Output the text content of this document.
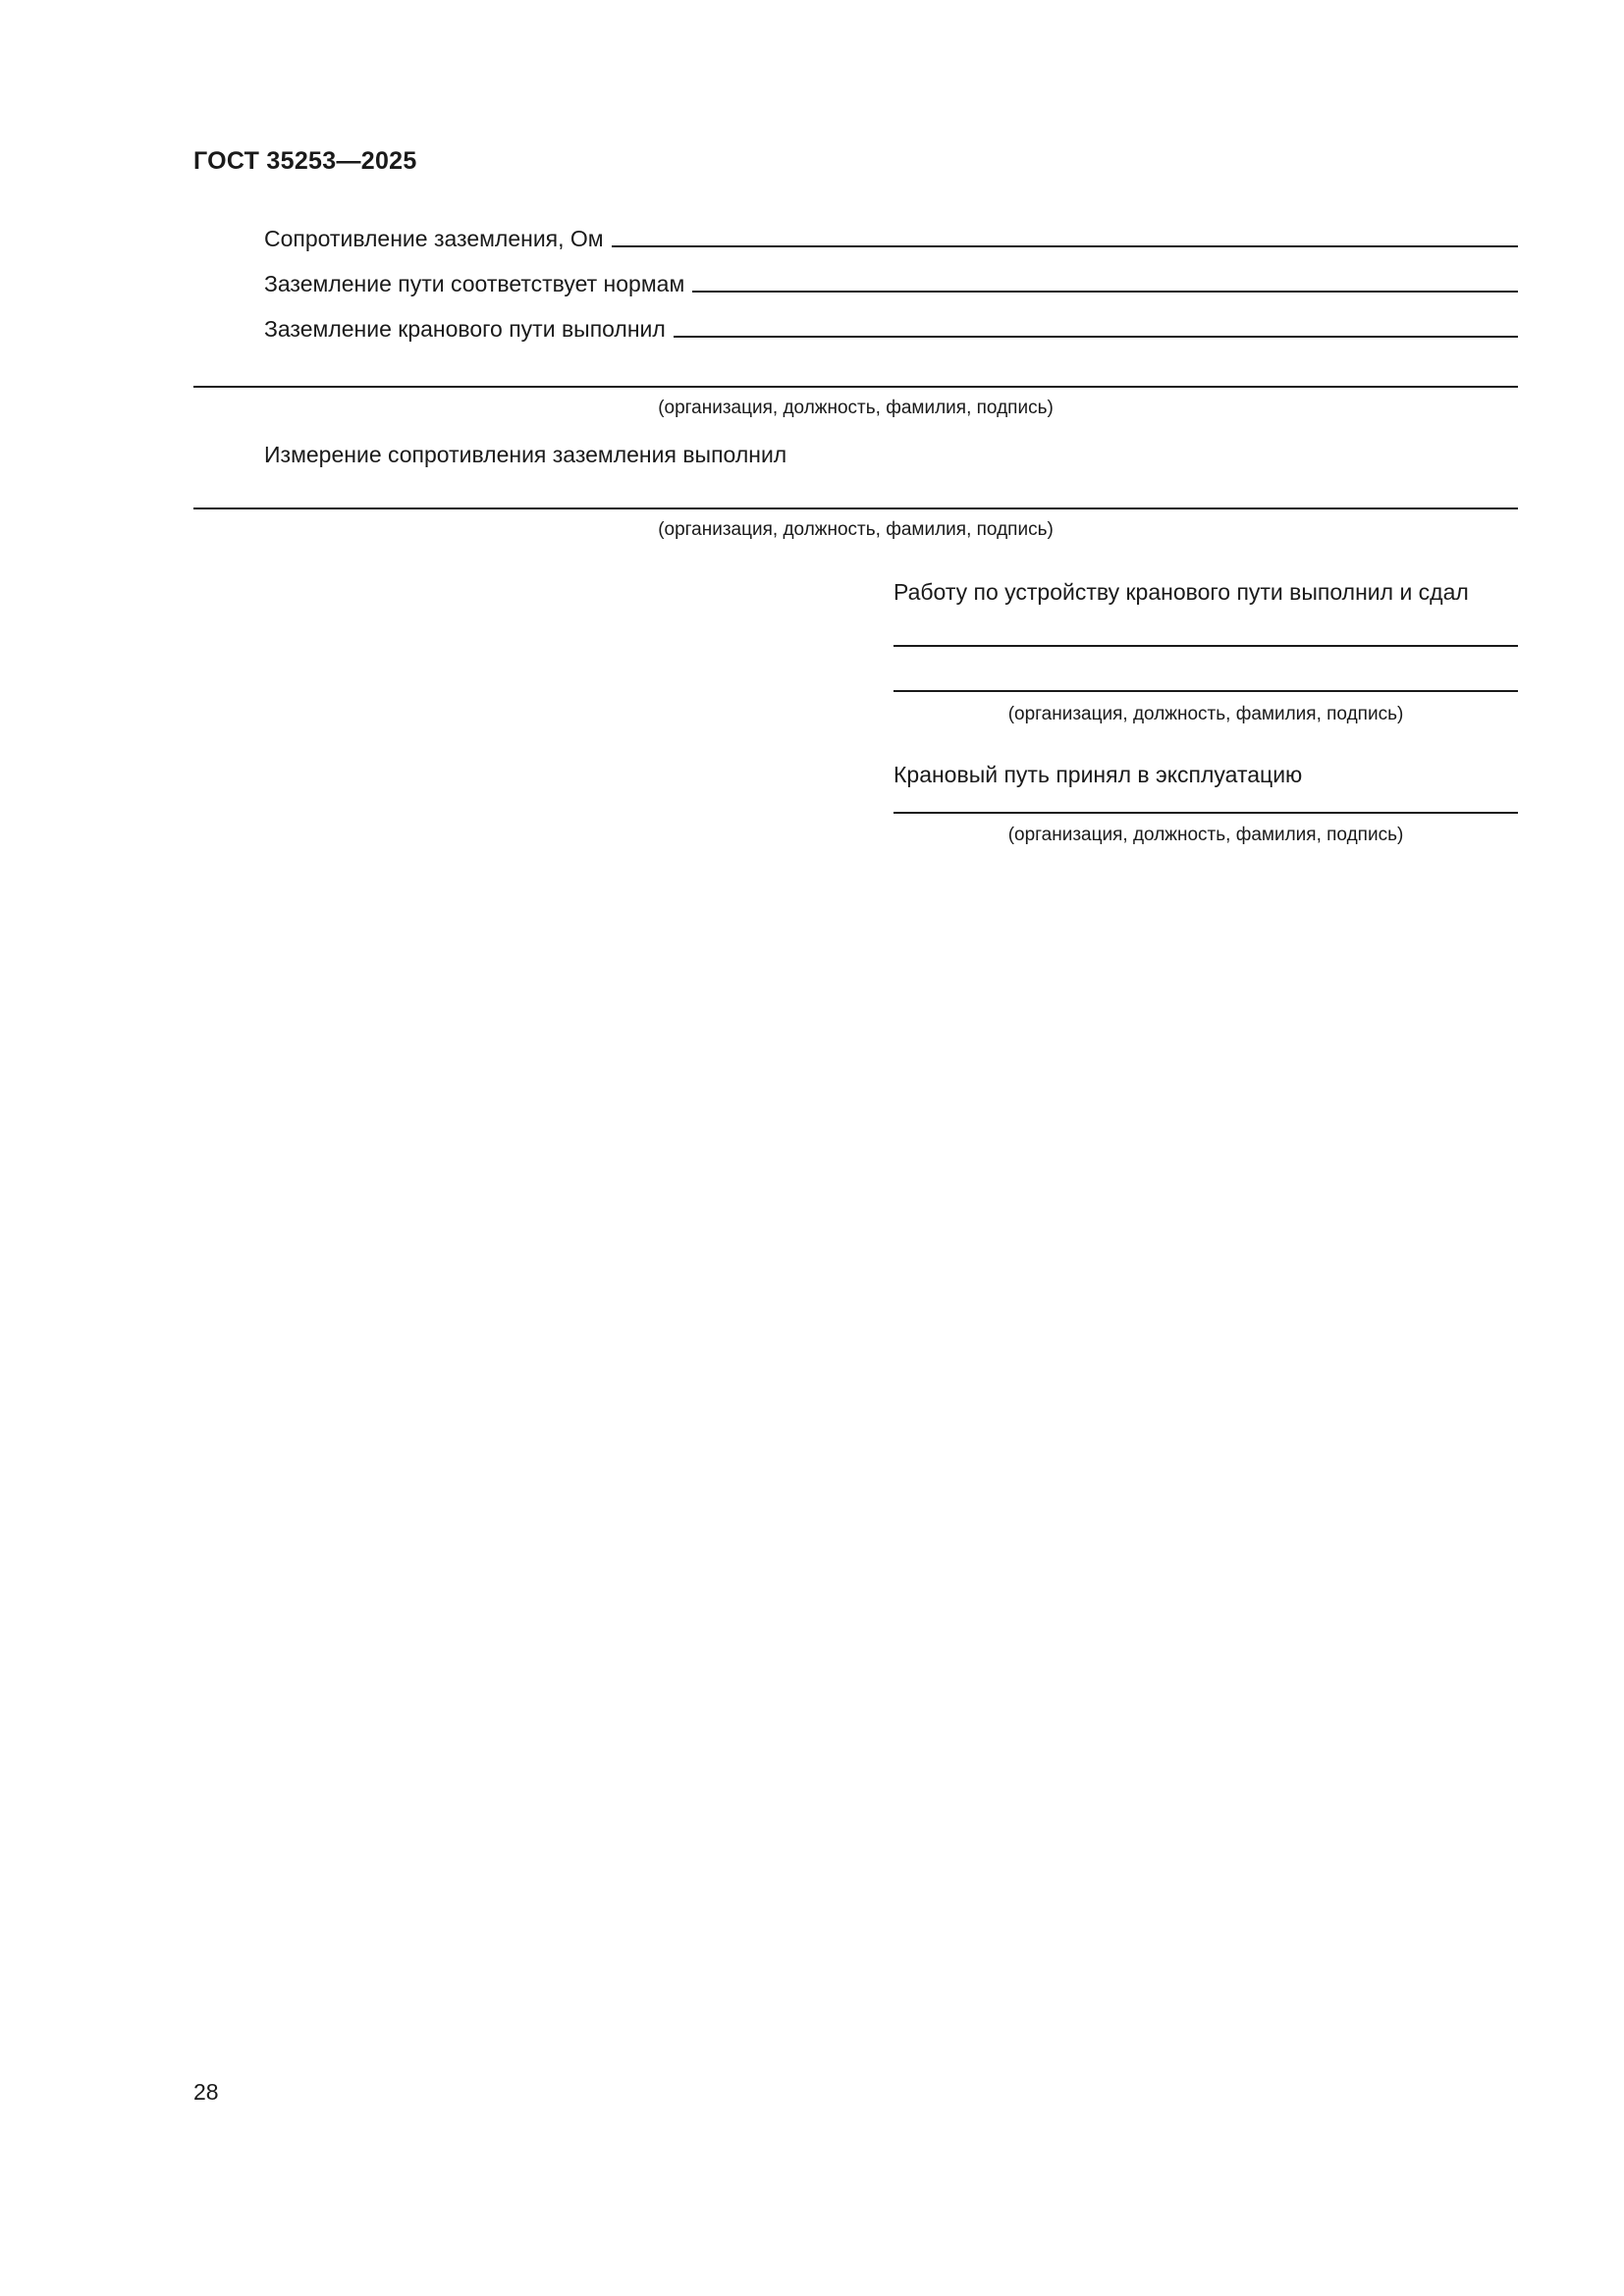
ГОСТ 35253—2025
Сопротивление заземления, Ом
Заземление пути соответствует нормам
Заземление кранового пути выполнил
(организация, должность, фамилия, подпись)
Измерение сопротивления заземления выполнил
(организация, должность, фамилия, подпись)
Работу по устройству кранового пути выполнил и сдал
(организация, должность, фамилия, подпись)
Крановый путь принял в эксплуатацию
(организация, должность, фамилия, подпись)
28
